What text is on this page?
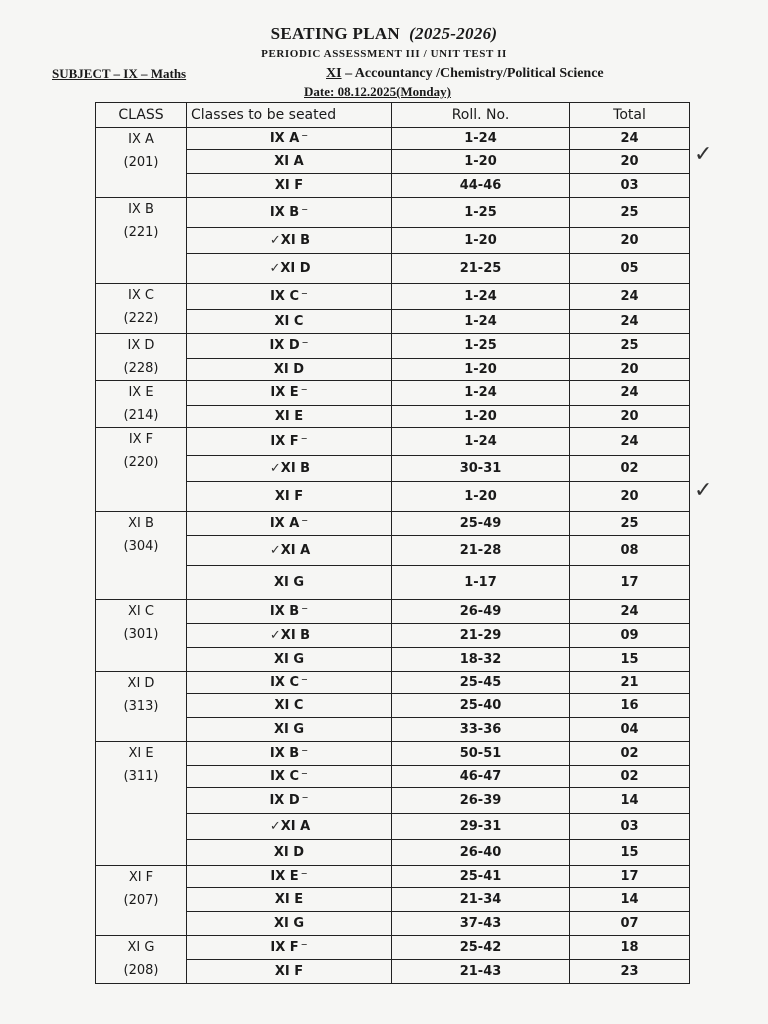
SEATING PLAN (2025-2026)
PERIODIC ASSESSMENT III / UNIT TEST II
SUBJECT – IX – Maths	XI – Accountancy /Chemistry/Political Science
Date: 08.12.2025(Monday)
CLASS	Classes to be seated	Roll. No.	Total

IX A
(201)	IX A ⁻	1-24	24
	XI A	1-20	20
	XI F	44-46	03

IX B
(221)	IX B ⁻	1-25	25
	✓XI B	1-20	20
	✓XI D	21-25	05

IX C
(222)	IX C ⁻	1-24	24
	XI C	1-24	24

IX D
(228)	IX D ⁻	1-25	25
	XI D	1-20	20

IX E
(214)	IX E ⁻	1-24	24
	XI E	1-20	20

IX F
(220)	IX F ⁻	1-24	24
	✓XI B	30-31	02
	XI F	1-20	20

XI B
(304)	IX A ⁻	25-49	25
	✓XI A	21-28	08
	XI G	1-17	17

XI C
(301)	IX B ⁻	26-49	24
	✓XI B	21-29	09
	XI G	18-32	15

XI D
(313)	IX C ⁻	25-45	21
	XI C	25-40	16
	XI G	33-36	04

XI E
(311)	IX B ⁻	50-51	02
	IX C ⁻	46-47	02
	IX D ⁻	26-39	14
	✓XI A	29-31	03
	XI D	26-40	15

XI F
(207)	IX E ⁻	25-41	17
	XI E	21-34	14
	XI G	37-43	07

XI G
(208)	IX F ⁻	25-42	18
	XI F	21-43	23
✓
✓
